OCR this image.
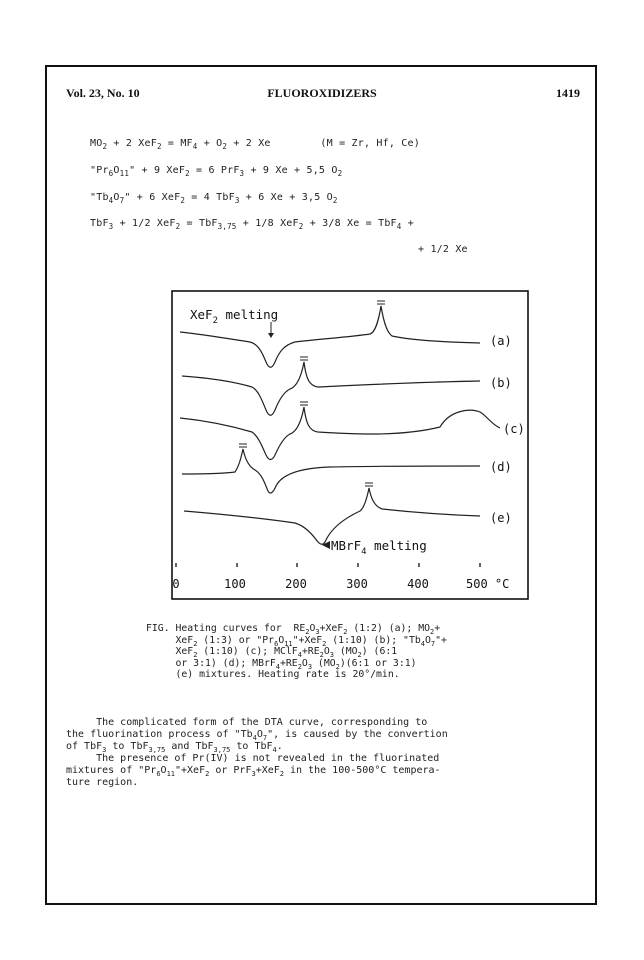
Vol. 23, No. 10	FLUOROXIDIZERS	1419
$MO_2 + 2$ $XeF_2 = MF_4 + O_2 + 2$ Xe        (M = Zr, Hf, Ce)
"$Pr_6O_{11}$" + 9 XeF$_2$ = 6 PrF$_3$ + 9 Xe + 5,5 $O_2$
"$Tb_4O_7$" + 6 XeF$_2$ = 4 TbF$_3$ + 6 Xe + 3,5 $O_2$
TbF$_3$ + 1/2 XeF$_2$ = TbF$_{3,75}$ + 1/8 XeF$_2$ + 3/8 Xe = TbF$_4$ +
+ 1/2 Xe
XeF$_2$ melting
MBrF$_4$ melting
(a)
(b)
(c)
(d)
(e)
0	100	200	300	400	500 °C
FIG. Heating curves for  $RE_2O_3+XeF_2$ (1:2) (a); $MO_2+$
XeF$_2$ (1:3) or "$Pr_6O_{11}"+XeF_2$ (1:10) (b); "$Tb_4O_7"+$
XeF$_2$ (1:10) (c); $MClF_4+RE_2O_3$ $(MO_2)$ (6:1
or 3:1) (d); $MBrF_4+RE_2O_3$ $(MO_2)(6:1$ or 3:1)
(e) mixtures. Heating rate is 20°/min.
The complicated form of the DTA curve, corresponding to
the fluorination process of "$Tb_4O_7$", is caused by the convertion
of TbF$_3$ to TbF$_{3,75}$ and TbF$_{3,75}$ to TbF$_4$.
The presence of Pr(IV) is not revealed in the fluorinated
mixtures of "$Pr_6O_{11}"+XeF_2$ or PrF$_3$+XeF$_2$ in the 100-500°C tempera-
ture region.
